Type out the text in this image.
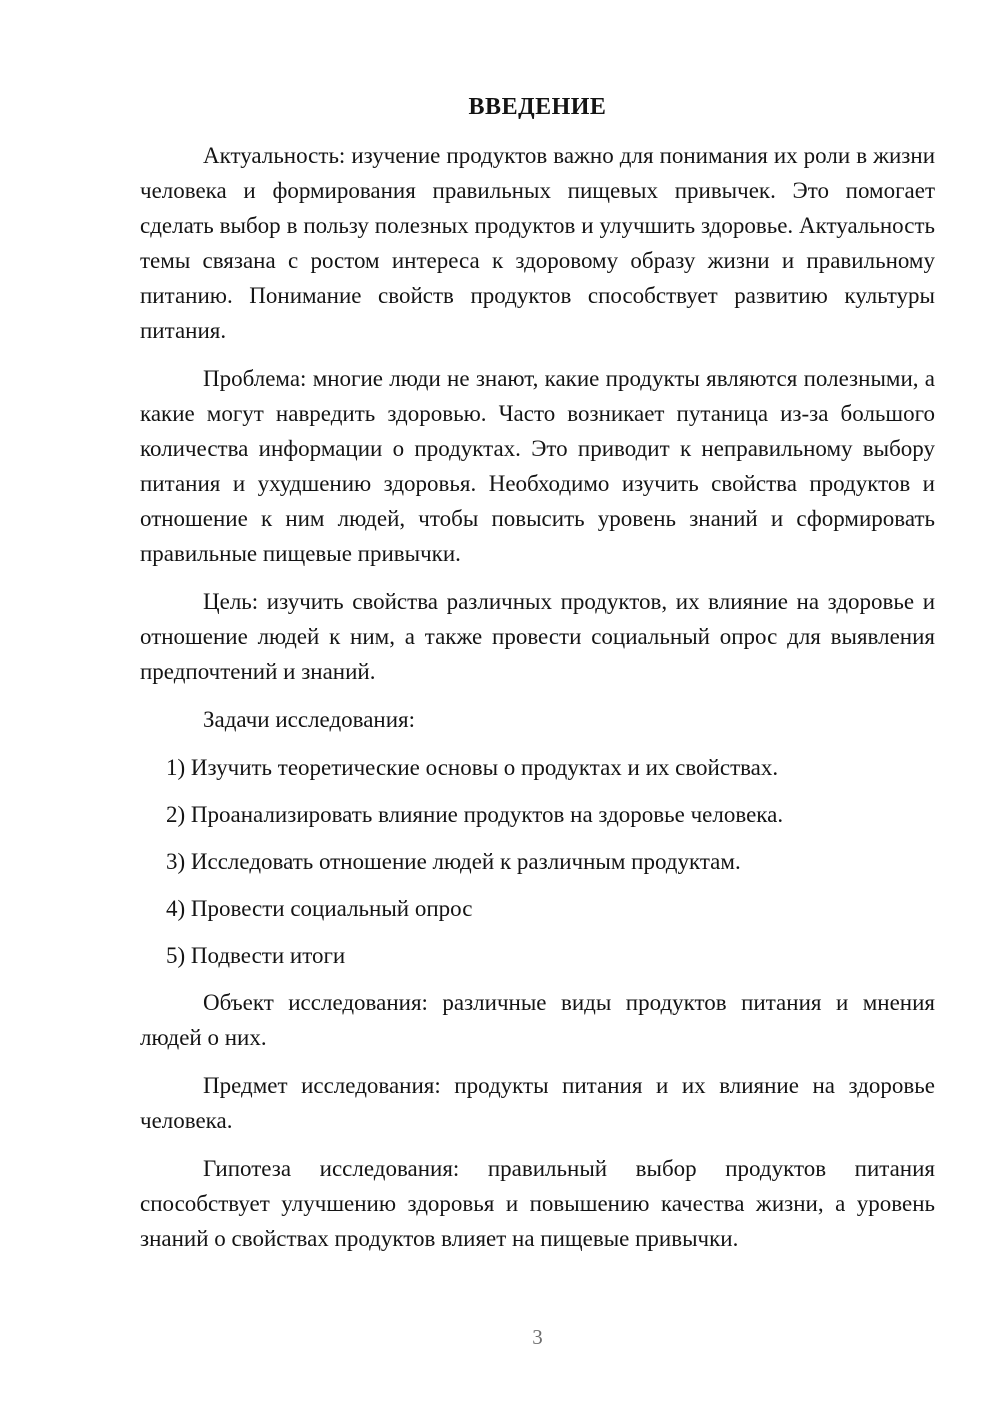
ВВЕДЕНИЕ

Актуальность: изучение продуктов важно для понимания их роли в жизни человека и формирования правильных пищевых привычек. Это помогает сделать выбор в пользу полезных продуктов и улучшить здоровье. Актуальность темы связана с ростом интереса к здоровому образу жизни и правильному питанию. Понимание свойств продуктов способствует развитию культуры питания.

Проблема: многие люди не знают, какие продукты являются полезными, а какие могут навредить здоровью. Часто возникает путаница из-за большого количества информации о продуктах. Это приводит к неправильному выбору питания и ухудшению здоровья. Необходимо изучить свойства продуктов и отношение к ним людей, чтобы повысить уровень знаний и сформировать правильные пищевые привычки.

Цель: изучить свойства различных продуктов, их влияние на здоровье и отношение людей к ним, а также провести социальный опрос для выявления предпочтений и знаний.

Задачи исследования:

1) Изучить теоретические основы о продуктах и их свойствах.
2) Проанализировать влияние продуктов на здоровье человека.
3) Исследовать отношение людей к различным продуктам.
4) Провести социальный опрос
5) Подвести итоги

Объект исследования: различные виды продуктов питания и мнения людей о них.

Предмет исследования: продукты питания и их влияние на здоровье человека.

Гипотеза исследования: правильный выбор продуктов питания способствует улучшению здоровья и повышению качества жизни, а уровень знаний о свойствах продуктов влияет на пищевые привычки.

3
